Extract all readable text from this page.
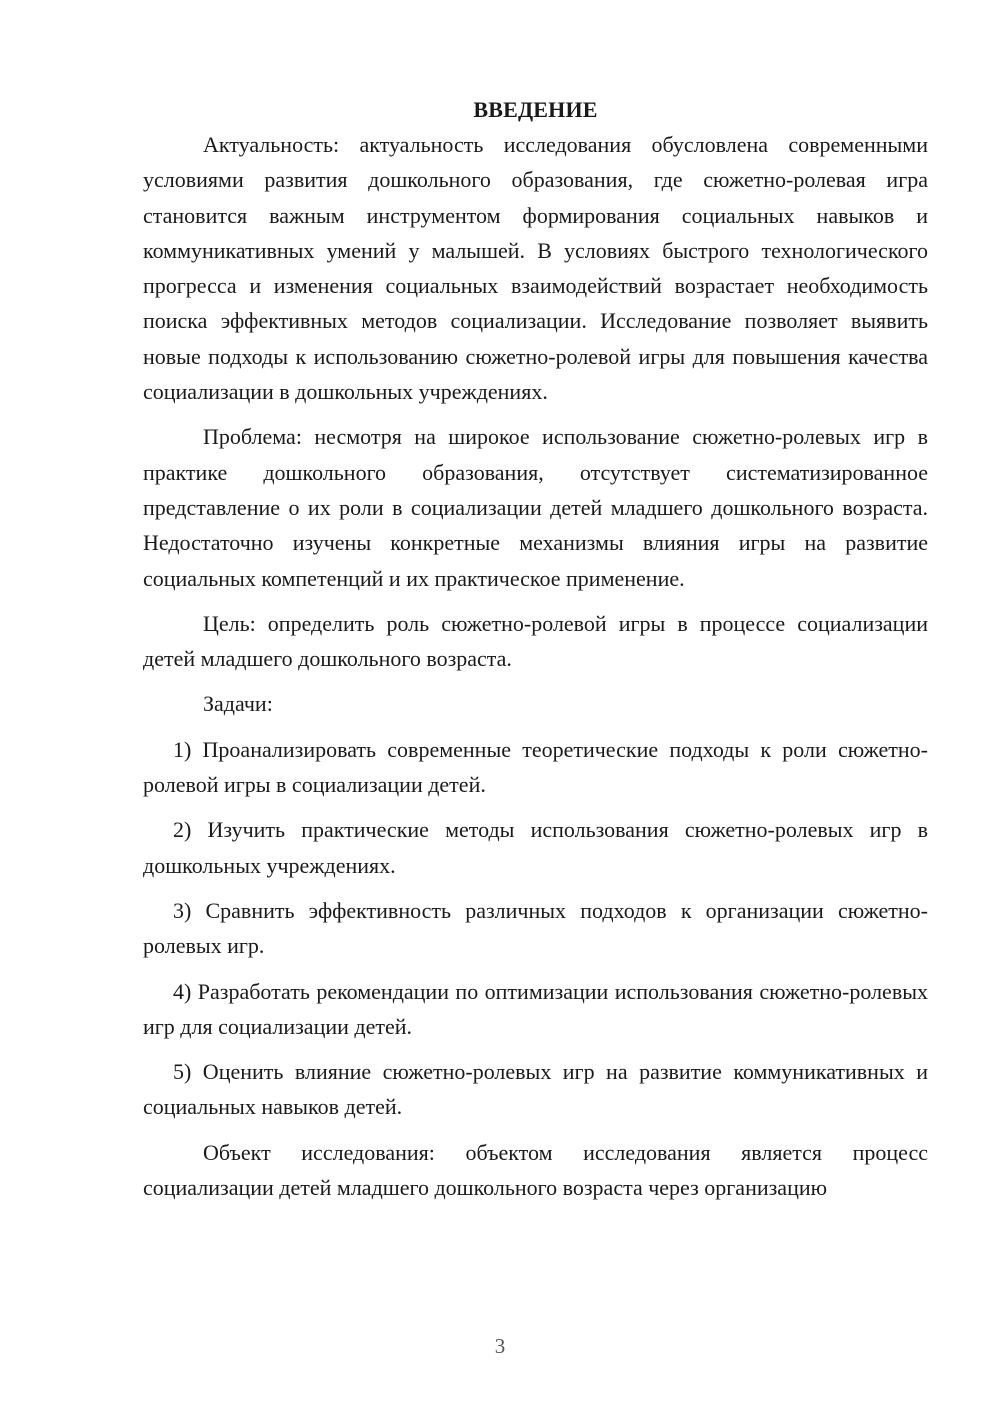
ВВЕДЕНИЕ

Актуальность: актуальность исследования обусловлена современными условиями развития дошкольного образования, где сюжетно-ролевая игра становится важным инструментом формирования социальных навыков и коммуникативных умений у малышей. В условиях быстрого технологического прогресса и изменения социальных взаимодействий возрастает необходимость поиска эффективных методов социализации. Исследование позволяет выявить новые подходы к использованию сюжетно-ролевой игры для повышения качества социализации в дошкольных учреждениях.

Проблема: несмотря на широкое использование сюжетно-ролевых игр в практике дошкольного образования, отсутствует систематизированное представление о их роли в социализации детей младшего дошкольного возраста. Недостаточно изучены конкретные механизмы влияния игры на развитие социальных компетенций и их практическое применение.

Цель: определить роль сюжетно-ролевой игры в процессе социализации детей младшего дошкольного возраста.

Задачи:

1) Проанализировать современные теоретические подходы к роли сюжетно-ролевой игры в социализации детей.

2) Изучить практические методы использования сюжетно-ролевых игр в дошкольных учреждениях.

3) Сравнить эффективность различных подходов к организации сюжетно-ролевых игр.

4) Разработать рекомендации по оптимизации использования сюжетно-ролевых игр для социализации детей.

5) Оценить влияние сюжетно-ролевых игр на развитие коммуникативных и социальных навыков детей.

Объект исследования: объектом исследования является процесс социализации детей младшего дошкольного возраста через организацию

3
